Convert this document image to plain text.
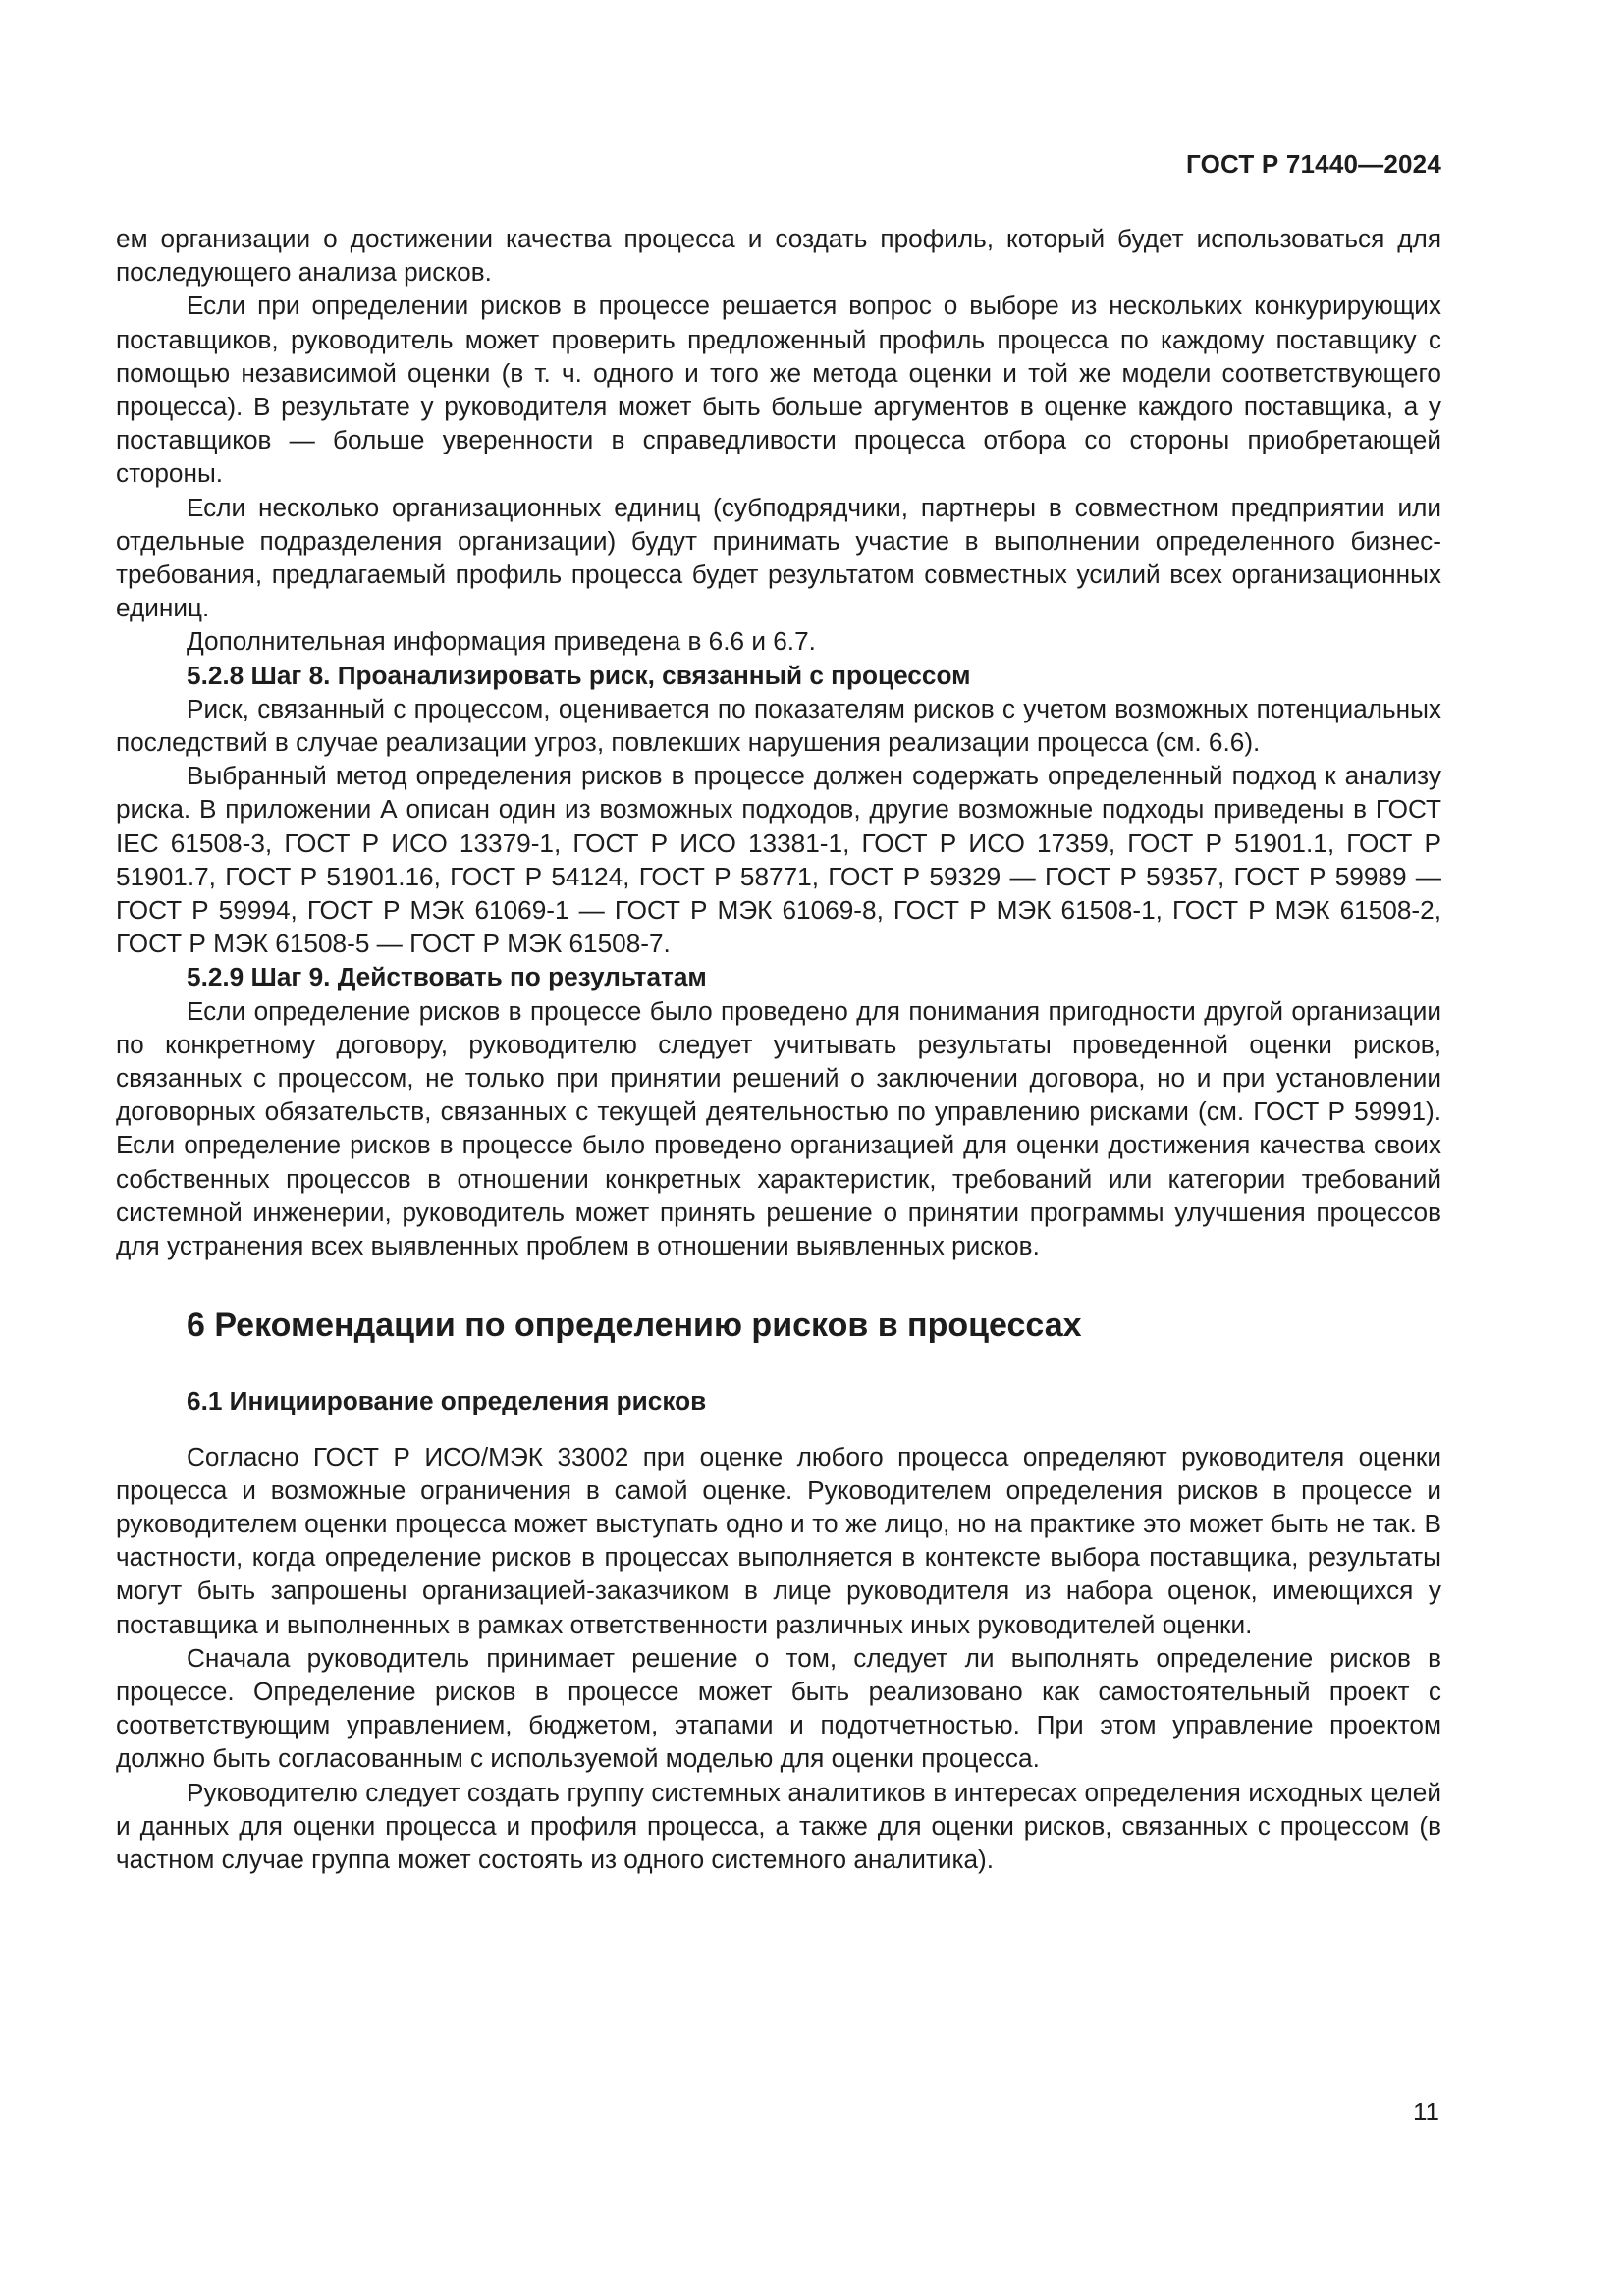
ГОСТ Р 71440—2024

ем организации о достижении качества процесса и создать профиль, который будет использоваться для последующего анализа рисков.

Если при определении рисков в процессе решается вопрос о выборе из нескольких конкурирующих поставщиков, руководитель может проверить предложенный профиль процесса по каждому поставщику с помощью независимой оценки (в т. ч. одного и того же метода оценки и той же модели соответствующего процесса). В результате у руководителя может быть больше аргументов в оценке каждого поставщика, а у поставщиков — больше уверенности в справедливости процесса отбора со стороны приобретающей стороны.

Если несколько организационных единиц (субподрядчики, партнеры в совместном предприятии или отдельные подразделения организации) будут принимать участие в выполнении определенного бизнес-требования, предлагаемый профиль процесса будет результатом совместных усилий всех организационных единиц.

Дополнительная информация приведена в 6.6 и 6.7.

5.2.8 Шаг 8. Проанализировать риск, связанный с процессом

Риск, связанный с процессом, оценивается по показателям рисков с учетом возможных потенциальных последствий в случае реализации угроз, повлекших нарушения реализации процесса (см. 6.6).

Выбранный метод определения рисков в процессе должен содержать определенный подход к анализу риска. В приложении А описан один из возможных подходов, другие возможные подходы приведены в ГОСТ IEC 61508-3, ГОСТ Р ИСО 13379-1, ГОСТ Р ИСО 13381-1, ГОСТ Р ИСО 17359, ГОСТ Р 51901.1, ГОСТ Р 51901.7, ГОСТ Р 51901.16, ГОСТ Р 54124, ГОСТ Р 58771, ГОСТ Р 59329 — ГОСТ Р 59357, ГОСТ Р 59989 — ГОСТ Р 59994, ГОСТ Р МЭК 61069-1 — ГОСТ Р МЭК 61069-8, ГОСТ Р МЭК 61508-1, ГОСТ Р МЭК 61508-2, ГОСТ Р МЭК 61508-5 — ГОСТ Р МЭК 61508-7.

5.2.9 Шаг 9. Действовать по результатам

Если определение рисков в процессе было проведено для понимания пригодности другой организации по конкретному договору, руководителю следует учитывать результаты проведенной оценки рисков, связанных с процессом, не только при принятии решений о заключении договора, но и при установлении договорных обязательств, связанных с текущей деятельностью по управлению рисками (см. ГОСТ Р 59991). Если определение рисков в процессе было проведено организацией для оценки достижения качества своих собственных процессов в отношении конкретных характеристик, требований или категории требований системной инженерии, руководитель может принять решение о принятии программы улучшения процессов для устранения всех выявленных проблем в отношении выявленных рисков.

6 Рекомендации по определению рисков в процессах
6.1 Инициирование определения рисков

Согласно ГОСТ Р ИСО/МЭК 33002 при оценке любого процесса определяют руководителя оценки процесса и возможные ограничения в самой оценке. Руководителем определения рисков в процессе и руководителем оценки процесса может выступать одно и то же лицо, но на практике это может быть не так. В частности, когда определение рисков в процессах выполняется в контексте выбора поставщика, результаты могут быть запрошены организацией-заказчиком в лице руководителя из набора оценок, имеющихся у поставщика и выполненных в рамках ответственности различных иных руководителей оценки.

Сначала руководитель принимает решение о том, следует ли выполнять определение рисков в процессе. Определение рисков в процессе может быть реализовано как самостоятельный проект с соответствующим управлением, бюджетом, этапами и подотчетностью. При этом управление проектом должно быть согласованным с используемой моделью для оценки процесса.

Руководителю следует создать группу системных аналитиков в интересах определения исходных целей и данных для оценки процесса и профиля процесса, а также для оценки рисков, связанных с процессом (в частном случае группа может состоять из одного системного аналитика).

11
